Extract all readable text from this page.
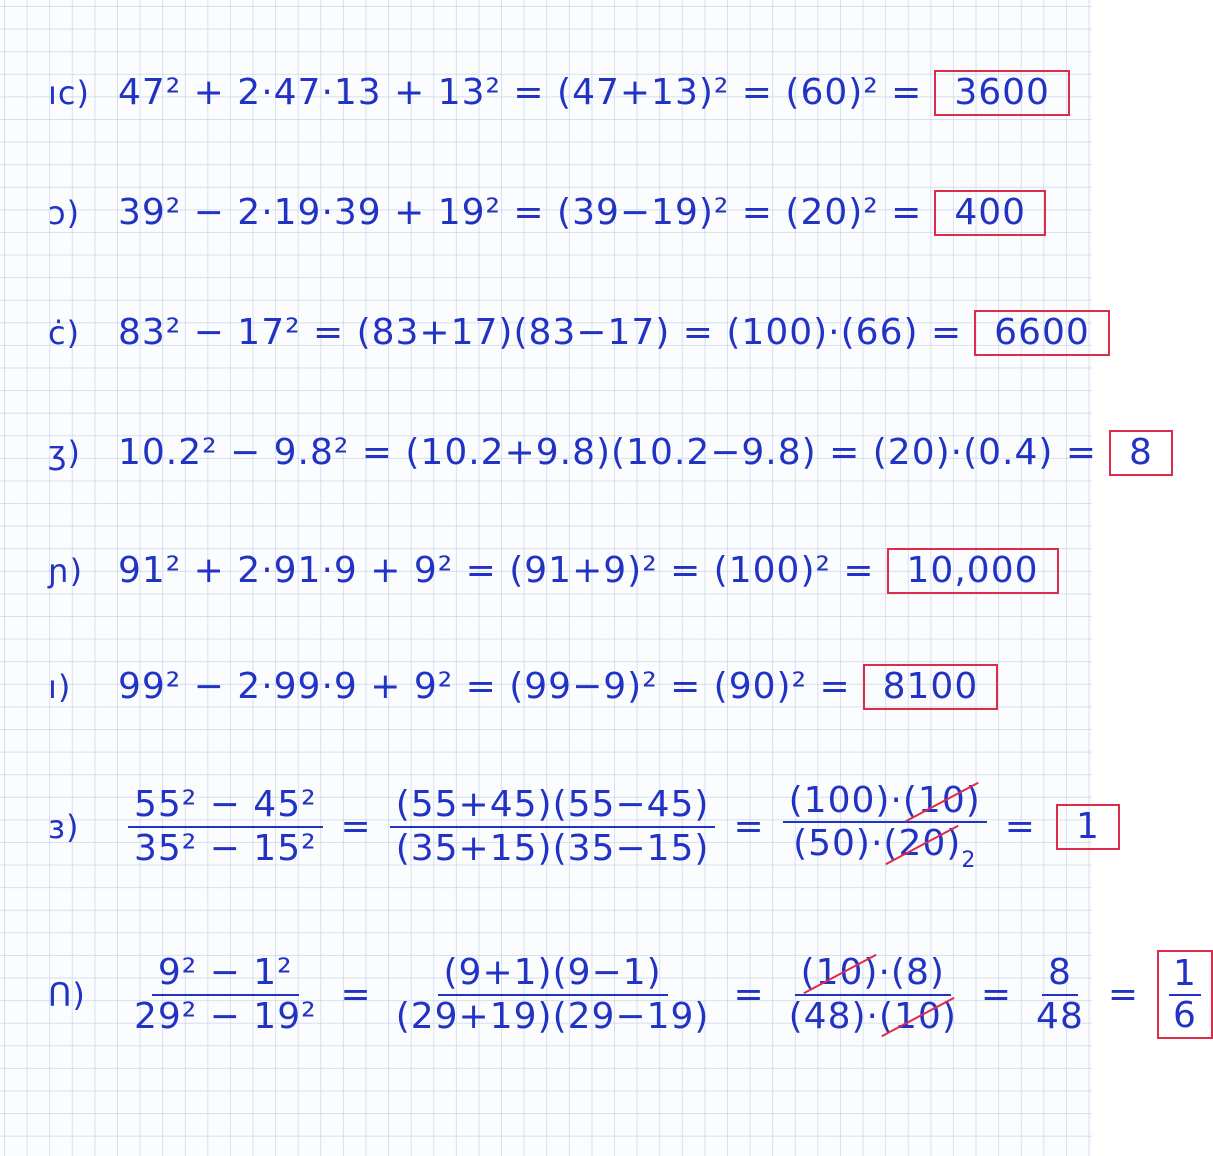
ıc) 47² + 2·47·13 + 13² = (47+13)² = (60)² = 3600
ɔ)	39² − 2·19·39 + 19² = (39−19)² = (20)² = 400
ċ)	83² − 17² = (83+17)(83−17) = (100)·(66) = 6600
ʒ)	10.2² − 9.8² = (10.2+9.8)(10.2−9.8) = (20)·(0.4) = 8
ɲ) 91² + 2·91·9 + 9² = (91+9)² = (100)² = 10,000
ı)	99² − 2·99·9 + 9² = (99−9)² = (90)² = 8100
ɜ)	$\frac{\text{55² − 45²}}{\text{35² − 15²}} = \frac{(55+45)(55-45)}{(35+15)(35-15)} = \frac{(100)\cdot(10)}{(50)\cdot(20)_2}$ =	1
Ո)	$\frac{\text{9² − 1²}}{\text{29² − 19²}} = \frac{(9+1)(9-1)}{(29+19)(29-19)} = \frac{(10)\cdot(8)}{(48)\cdot(10)} = \frac{8}{48} = \frac{1}{6}$
